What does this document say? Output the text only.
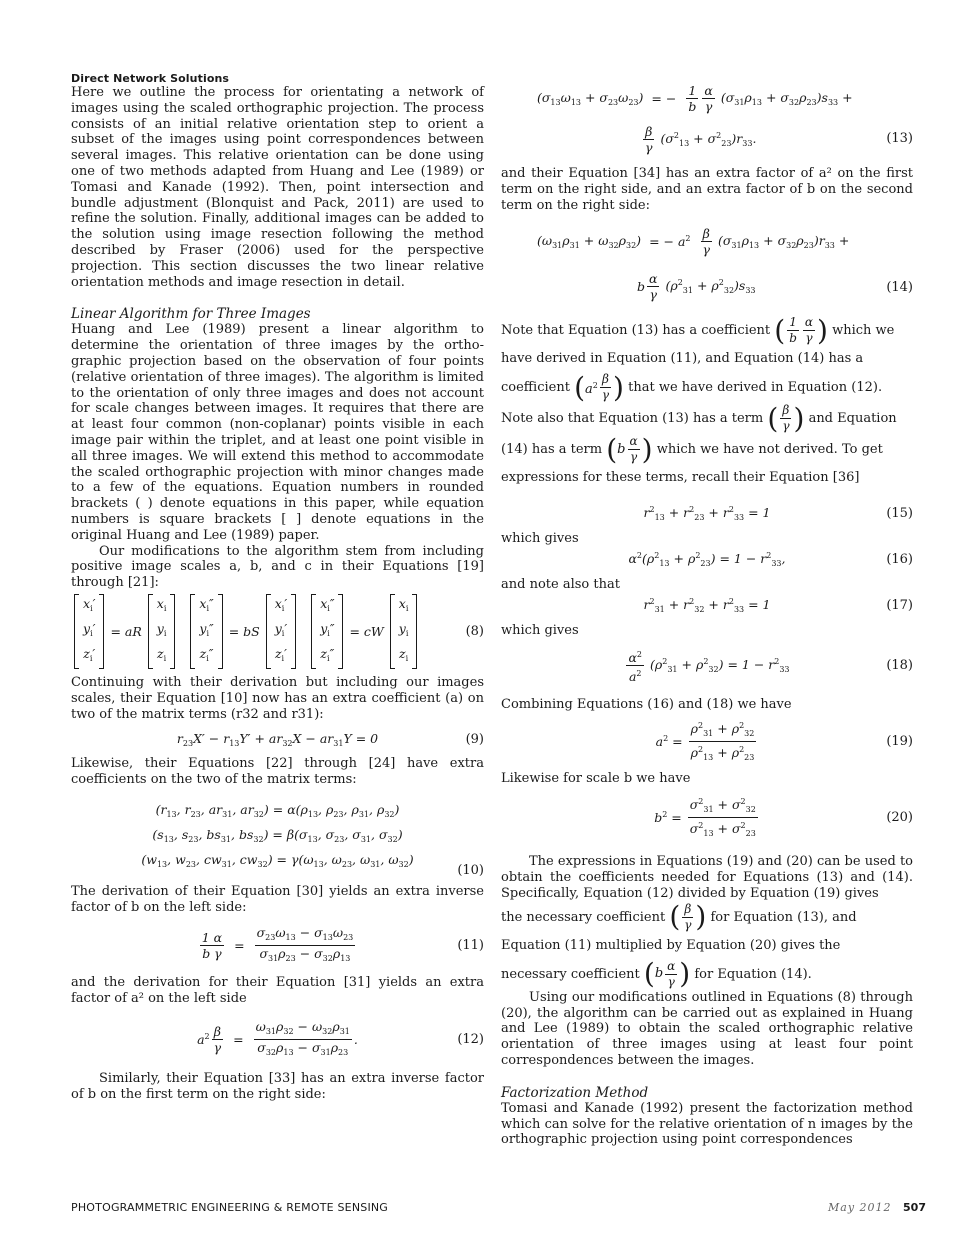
Direct Network Solutions

Here we outline the process for orientating a network of images using the scaled orthographic projection. The process consists of an initial relative orientation step to orient a subset of the images using point correspondences between several images. This relative orientation can be done using one of two methods adapted from Huang and Lee (1989) or Tomasi and Kanade (1992). Then, point intersection and bundle adjustment (Blonquist and Pack, 2011) are used to refine the solution. Finally, additional images can be added to the solution using image resection following the method described by Fraser (2006) used for the perspective projection. This section discusses the two linear relative orientation methods and image resection in detail.

Linear Algorithm for Three Images

Huang and Lee (1989) present a linear algorithm to determine the orientation of three images by the ortho-graphic projection based on the observation of four points (relative orientation of three images). The algorithm is limited to the orientation of only three images and does not account for scale changes between images. It requires that there are at least four common (non-coplanar) points visible in each image pair within the triplet, and at least one point visible in all three images. We will extend this method to accommodate the scaled orthographic projection with minor changes made to a few of the equations. Equation numbers in rounded brackets ( ) denote equations in this paper, while equation numbers is square brackets [ ] denote equations in the original Huang and Lee (1989) paper.

Our modifications to the algorithm stem from including positive image scales a, b, and c in their Equations [19] through [21]:

$x_i'$
$y_i'$
$z_i'$
= aR
$x_i$
$y_i$
$z_i$
$x_i''$
$y_i''$
$z_i''$
= bS
$x_i'$
$y_i'$
$z_i'$
$x_i''$
$y_i''$
$z_i''$
= cW
$x_i$
$y_i$
$z_i$
(8)

Continuing with their derivation but including our images scales, their Equation [10] now has an extra coefficient (a) on two of the matrix terms (r32 and r31):

$r_{23}X' - r_{13}Y' + ar_{32}X - ar_{31}Y = 0$	(9)

Likewise, their Equations [22] through [24] have extra coefficients on the two of the matrix terms:

($r_{13}$, $r_{23}$, $ar_{31}$, $ar_{32}) = \alpha(\rho_{13}$, $\rho_{23}$, $\rho_{31}$, $\rho_{32}$)
($s_{13}$, $s_{23}$, $bs_{31}$, $bs_{32}) = \beta(\sigma_{13}$, $\sigma_{23}$, $\sigma_{31}$, $\sigma_{32}$)
($w_{13}$, $w_{23}$, $cw_{31}$, $cw_{32}) = \gamma(\omega_{13}$, $\omega_{23}$, $\omega_{31}$, $\omega_{32}$)
(10)

The derivation of their Equation [30] yields an extra inverse factor of b on the left side:

$\frac{1 \alpha}{\text{b γ}} = \frac{\sigma_{23}\omega_{13} - \sigma_{13}\omega_{23}}{\sigma_{31}\rho_{23} - \sigma_{32}\rho_{13}}$	(11)

and the derivation for their Equation [31] yields an extra factor of a² on the left side

$a^2 \frac{\beta}{\gamma} = \frac{\omega_{31}\rho_{32} - \omega_{32}\rho_{31}}{\sigma_{32}\rho_{13} - \sigma_{31}\rho_{23}}$ .	(12)

Similarly, their Equation [33] has an extra inverse factor of b on the first term on the right side:

$(\sigma_{13}\omega_{13} + \sigma_{23}\omega_{23})$ = − $\frac{1}{b} \frac{\alpha}{\gamma} (\sigma_{31}\rho_{13} + \sigma_{32}\rho_{23})s_{33}$ +
$\frac{\beta}{\gamma} (\sigma^2_{13} + \sigma^2_{23})r_{33}$.	(13)

and their Equation [34] has an extra factor of a² on the first term on the right side, and an extra factor of b on the second term on the right side:

$(\omega_{31}\rho_{31} + \omega_{32}\rho_{32})$ = − $a^2 \frac{\beta}{\gamma} (\sigma_{31}\rho_{13} + \sigma_{32}\rho_{23})r_{33}$ +
b $\frac{\alpha}{\gamma} (\rho^2_{31} + \rho^2_{32})s_{33}$	(14)
Note that Equation (13) has a coefficient ( $\frac{1}{b} \frac{\alpha}{\gamma}$ ) which we
have derived in Equation (11), and Equation (14) has a
coefficient ( $a^2 \frac{\beta}{\gamma}$ ) that we have derived in Equation (12).
Note also that Equation (13) has a term ( $\frac{\beta}{\gamma}$ ) and Equation
(14) has a term ( b $\frac{\alpha}{\gamma}$ ) which we have not derived. To get
expressions for these terms, recall their Equation [36]
$r^2_{13} + r^2_{23} + r^2_{33} = 1$	(15)
which gives
$\alpha^2(\rho^2_{13} + \rho^2_{23}) = 1 - r^2_{33}$,	(16)
and note also that
$r^2_{31} + r^2_{32} + r^2_{33} = 1$	(17)
which gives
$\frac{\alpha^2}{a^2} (\rho^2_{31} + \rho^2_{32}) = 1 - r^2_{33}$	(18)
Combining Equations (16) and (18) we have
$a^2 = \frac{\rho^2_{31} + \rho^2_{32}}{\rho^2_{13} + \rho^2_{23}}$	(19)
Likewise for scale b we have
$b^2 = \frac{\sigma^2_{31} + \sigma^2_{32}}{\sigma^2_{13} + \sigma^2_{23}}$	(20)

The expressions in Equations (19) and (20) can be used to obtain the coefficients needed for Equations (13) and (14). Specifically, Equation (12) divided by Equation (19) gives

the necessary coefficient ( $\frac{\beta}{\gamma}$ ) for Equation (13), and
Equation (11) multiplied by Equation (20) gives the
necessary coefficient ( b $\frac{\alpha}{\gamma}$ ) for Equation (14).

Using our modifications outlined in Equations (8) through (20), the algorithm can be carried out as explained in Huang and Lee (1989) to obtain the scaled orthographic relative orientation of three images using at least four point correspondences between the images.

Factorization Method

Tomasi and Kanade (1992) present the factorization method which can solve for the relative orientation of n images by the orthographic projection using point correspondences

PHOTOGRAMMETRIC ENGINEERING & REMOTE SENSING	May 2012 507
